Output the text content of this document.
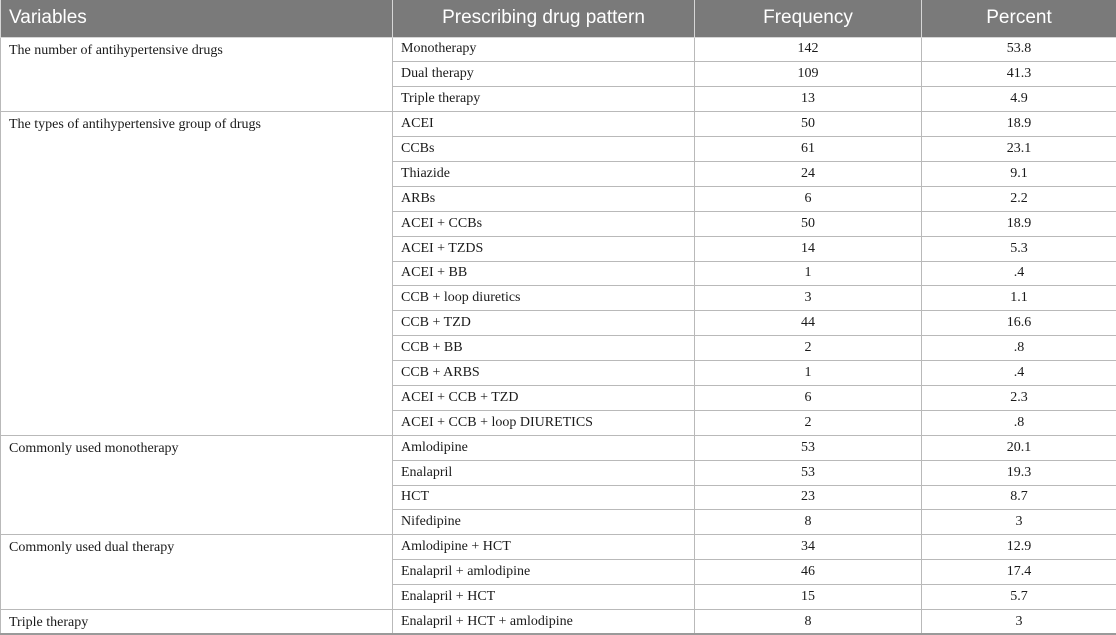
Variables	Prescribing drug pattern	Frequency	Percent
The number of antihypertensive drugs	Monotherapy	142	53.8
	Dual therapy	109	41.3
	Triple therapy	13	4.9
The types of antihypertensive group of drugs	ACEI	50	18.9
	CCBs	61	23.1
	Thiazide	24	9.1
	ARBs	6	2.2
	ACEI + CCBs	50	18.9
	ACEI + TZDS	14	5.3
	ACEI + BB	1	.4
	CCB + loop diuretics	3	1.1
	CCB + TZD	44	16.6
	CCB + BB	2	.8
	CCB + ARBS	1	.4
	ACEI + CCB + TZD	6	2.3
	ACEI + CCB + loop DIURETICS	2	.8
Commonly used monotherapy	Amlodipine	53	20.1
	Enalapril	53	19.3
	HCT	23	8.7
	Nifedipine	8	3
Commonly used dual therapy	Amlodipine + HCT	34	12.9
	Enalapril + amlodipine	46	17.4
	Enalapril + HCT	15	5.7
Triple therapy	Enalapril + HCT + amlodipine	8	3
